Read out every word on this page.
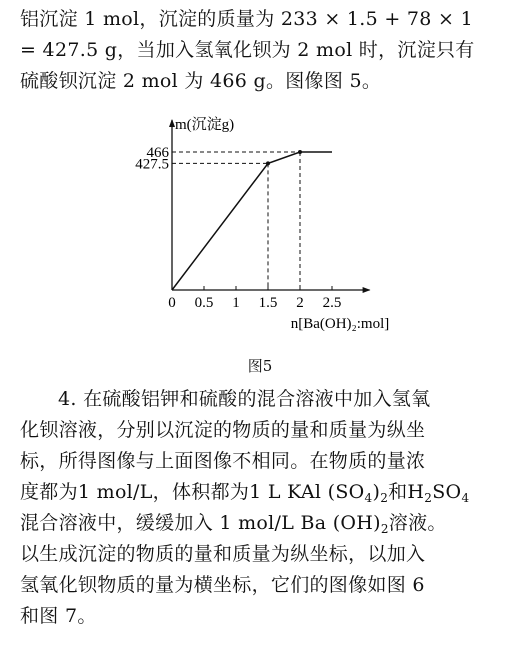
铝沉淀 1 mol，沉淀的质量为 233 × 1.5 + 78 × 1
= 427.5 g，当加入氢氧化钡为 2 mol 时，沉淀只有
硫酸钡沉淀 2 mol 为 466 g。图像图 5。
0 0.5 1 1.5 2 2.5
427.5
466
m(沉淀g)
n[Ba(OH)₂:mol]
图5
4. 在硫酸铝钾和硫酸的混合溶液中加入氢氧
化钡溶液，分别以沉淀的物质的量和质量为纵坐
标，所得图像与上面图像不相同。在物质的量浓
度都为1 mol/L，体积都为1 L KAl $(SO_4)_2$和$H_2SO_4$
混合溶液中，缓缓加入 1 mol/L Ba $(OH)_2$溶液。
以生成沉淀的物质的量和质量为纵坐标，以加入
氢氧化钡物质的量为横坐标，它们的图像如图 6
和图 7。
